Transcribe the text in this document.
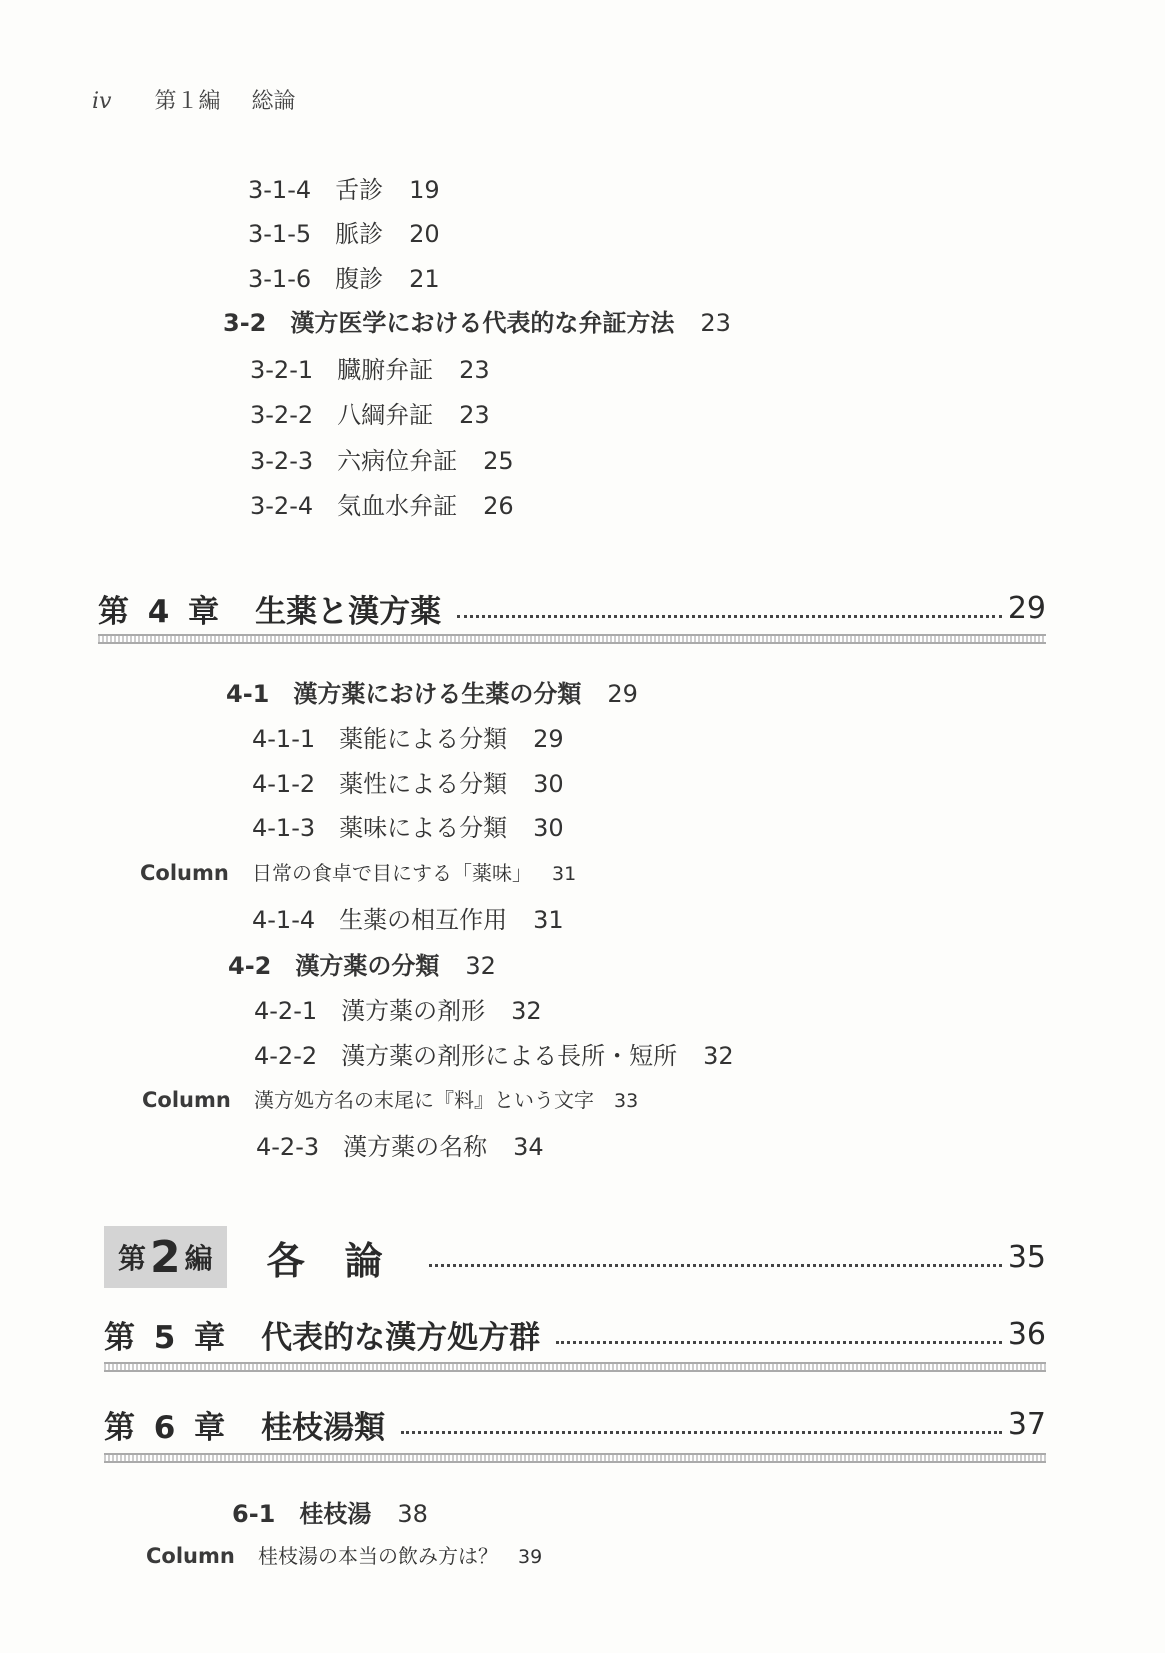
iv 第１編 総論
3-1-4 舌診 19
3-1-5 脈診 20
3-1-6 腹診 21
3-2 漢方医学における代表的な弁証方法 23
3-2-1 臓腑弁証 23
3-2-2 八綱弁証 23
3-2-3 六病位弁証 25
3-2-4 気血水弁証 26
第 4 章 生薬と漢方薬	29
4-1 漢方薬における生薬の分類 29
4-1-1 薬能による分類 29
4-1-2 薬性による分類 30
4-1-3 薬味による分類 30
Column 日常の食卓で目にする「薬味」 31
4-1-4 生薬の相互作用 31
4-2 漢方薬の分類 32
4-2-1 漢方薬の剤形 32
4-2-2 漢方薬の剤形による長所・短所 32
Column 漢方処方名の末尾に『料』という文字 33
4-2-3 漢方薬の名称 34
第 2 編 各論	35
第 5 章 代表的な漢方処方群	36
第 6 章 桂枝湯類	37
6-1 桂枝湯 38
Column 桂枝湯の本当の飲み方は？ 39
